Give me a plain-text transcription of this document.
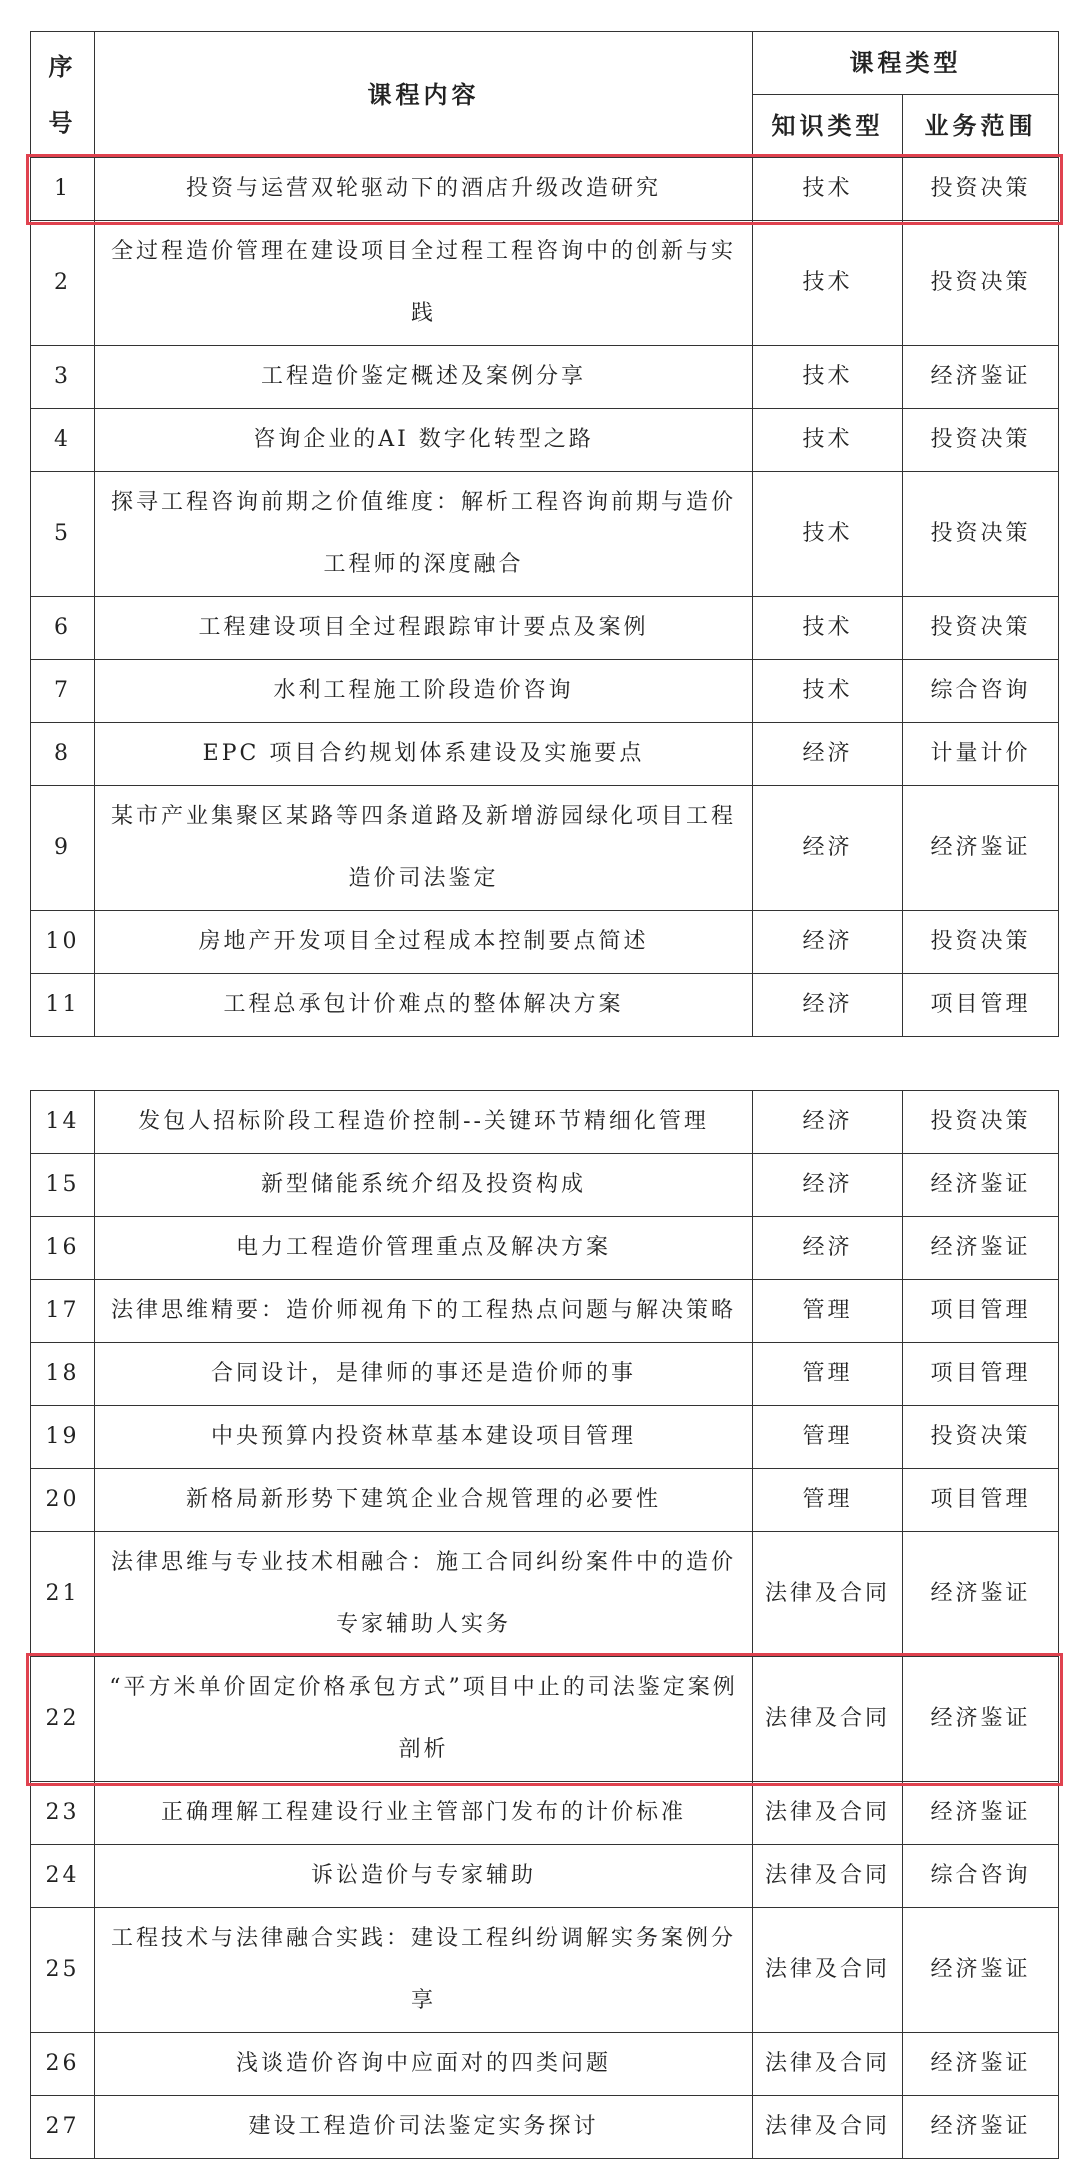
序
号	课程内容	课程类型	
		知识类型	业务范围
1	投资与运营双轮驱动下的酒店升级改造研究	技术	投资决策
2	全过程造价管理在建设项目全过程工程咨询中的创新与实践	技术	投资决策
3	工程造价鉴定概述及案例分享	技术	经济鉴证
4	咨询企业的AI 数字化转型之路	技术	投资决策
5	探寻工程咨询前期之价值维度：解析工程咨询前期与造价工程师的深度融合	技术	投资决策
6	工程建设项目全过程跟踪审计要点及案例	技术	投资决策
7	水利工程施工阶段造价咨询	技术	综合咨询
8	EPC 项目合约规划体系建设及实施要点	经济	计量计价
9	某市产业集聚区某路等四条道路及新增游园绿化项目工程造价司法鉴定	经济	经济鉴证
10	房地产开发项目全过程成本控制要点简述	经济	投资决策
11	工程总承包计价难点的整体解决方案	经济	项目管理
14	发包人招标阶段工程造价控制--关键环节精细化管理	经济	投资决策
15	新型储能系统介绍及投资构成	经济	经济鉴证
16	电力工程造价管理重点及解决方案	经济	经济鉴证
17	法律思维精要：造价师视角下的工程热点问题与解决策略	管理	项目管理
18	合同设计，是律师的事还是造价师的事	管理	项目管理
19	中央预算内投资林草基本建设项目管理	管理	投资决策
20	新格局新形势下建筑企业合规管理的必要性	管理	项目管理
21	法律思维与专业技术相融合：施工合同纠纷案件中的造价专家辅助人实务	法律及合同	经济鉴证
22	“平方米单价固定价格承包方式”项目中止的司法鉴定案例剖析	法律及合同	经济鉴证
23	正确理解工程建设行业主管部门发布的计价标准	法律及合同	经济鉴证
24	诉讼造价与专家辅助	法律及合同	综合咨询
25	工程技术与法律融合实践：建设工程纠纷调解实务案例分享	法律及合同	经济鉴证
26	浅谈造价咨询中应面对的四类问题	法律及合同	经济鉴证
27	建设工程造价司法鉴定实务探讨	法律及合同	经济鉴证
